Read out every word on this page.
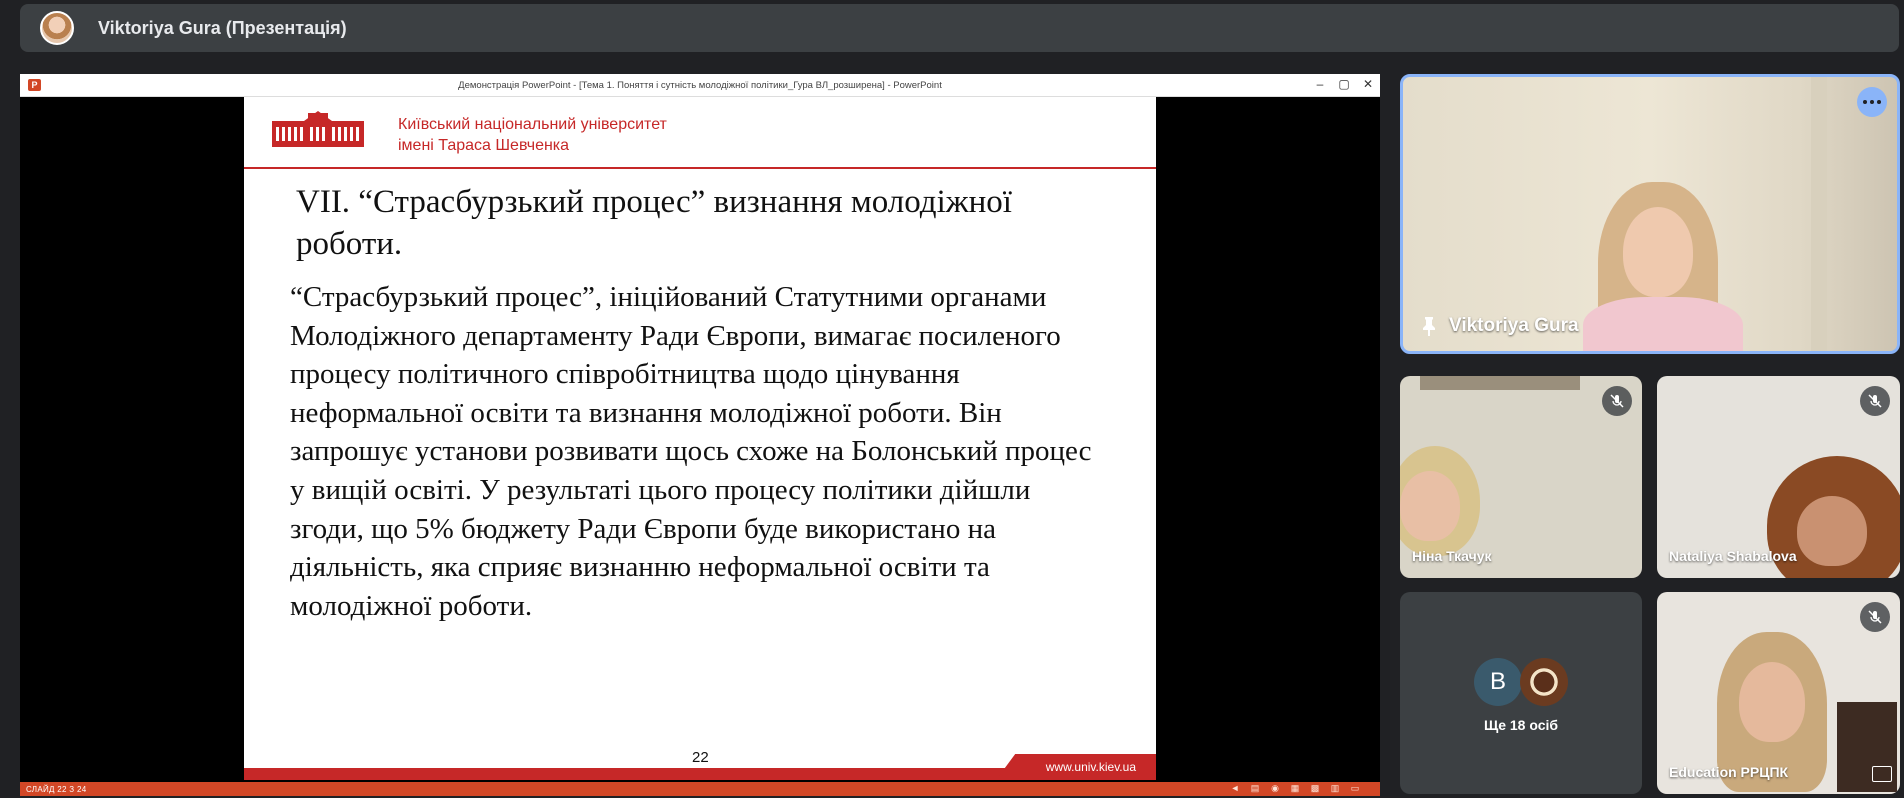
Viktoriya Gura (Презентація)
P	Демонстрація PowerPoint - [Тема 1. Поняття і сутність молодіжної політики_Гура ВЛ_розширена] - PowerPoint	– ▢ ✕
Київський національний університет
імені Тараса Шевченка
VII. “Страсбурзький процес” визнання молодіжної роботи.
“Страсбурзький процес”, ініційований Статутними органами Молодіжного департаменту Ради Європи, вимагає посиленого процесу політичного співробітництва щодо цінування неформальної освіти та визнання молодіжної роботи. Він запрошує установи розвивати щось схоже на Болонський процес у вищій освіті. У результаті цього процесу політики дійшли згоди, що 5% бюджету Ради Європи буде використано на діяльність, яка сприяє визнанню неформальної освіти та молодіжної роботи.
22
www.univ.kiev.ua
СЛАЙД 22 З 24	◄ ▤ ◉ ▦ ▩ ▥ ▭
Viktoriya Gura
Ніна Ткачук	Nataliya Shabalova
B
Ще 18 осіб
Education РРЦПК
